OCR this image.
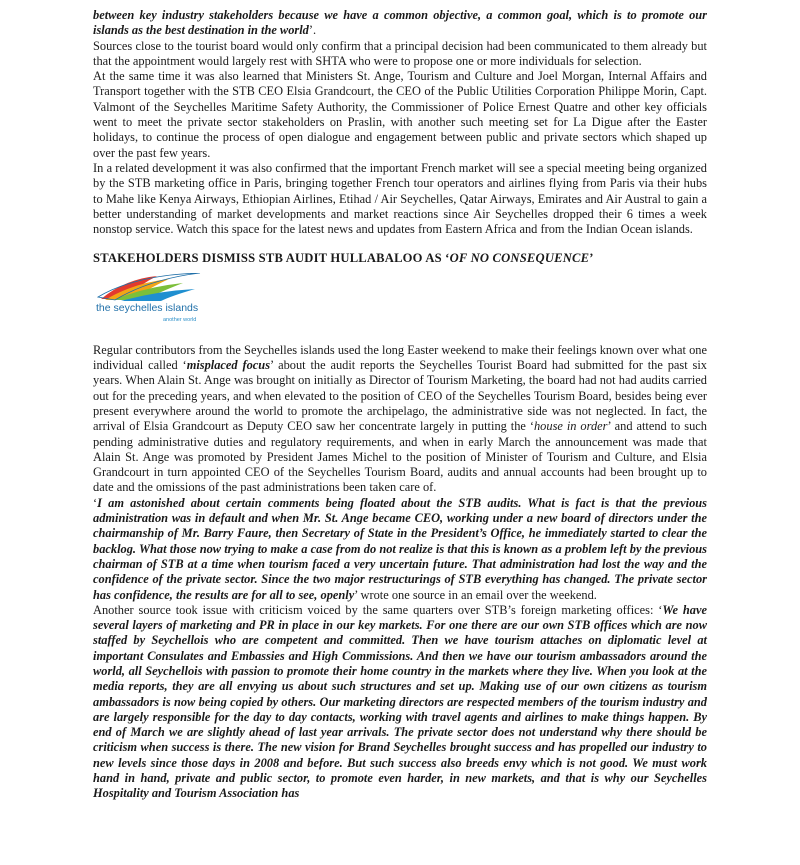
between key industry stakeholders because we have a common objective, a common goal, which is to promote our islands as the best destination in the world’.

Sources close to the tourist board would only confirm that a principal decision had been communicated to them already but that the appointment would largely rest with SHTA who were to propose one or more individuals for selection.

At the same time it was also learned that Ministers St. Ange, Tourism and Culture and Joel Morgan, Internal Affairs and Transport together with the STB CEO Elsia Grandcourt, the CEO of the Public Utilities Corporation Philippe Morin, Capt. Valmont of the Seychelles Maritime Safety Authority, the Commissioner of Police Ernest Quatre and other key officials went to meet the private sector stakeholders on Praslin, with another such meeting set for La Digue after the Easter holidays, to continue the process of open dialogue and engagement between public and private sectors which shaped up over the past few years.

In a related development it was also confirmed that the important French market will see a special meeting being organized by the STB marketing office in Paris, bringing together French tour operators and airlines flying from Paris via their hubs to Mahe like Kenya Airways, Ethiopian Airlines, Etihad / Air Seychelles, Qatar Airways, Emirates and Air Austral to gain a better understanding of market developments and market reactions since Air Seychelles dropped their 6 times a week nonstop service. Watch this space for the latest news and updates from Eastern Africa and from the Indian Ocean islands.

STAKEHOLDERS DISMISS STB AUDIT HULLABALOO AS ‘OF NO CONSEQUENCE’

the seychelles islands
another world

Regular contributors from the Seychelles islands used the long Easter weekend to make their feelings known over what one individual called ‘misplaced focus’ about the audit reports the Seychelles Tourist Board had submitted for the past six years. When Alain St. Ange was brought on initially as Director of Tourism Marketing, the board had not had audits carried out for the preceding years, and when elevated to the position of CEO of the Seychelles Tourism Board, besides being ever present everywhere around the world to promote the archipelago, the administrative side was not neglected. In fact, the arrival of Elsia Grandcourt as Deputy CEO saw her concentrate largely in putting the ‘house in order’ and attend to such pending administrative duties and regulatory requirements, and when in early March the announcement was made that Alain St. Ange was promoted by President James Michel to the position of Minister of Tourism and Culture, and Elsia Grandcourt in turn appointed CEO of the Seychelles Tourism Board, audits and annual accounts had been brought up to date and the omissions of the past administrations been taken care of.

‘I am astonished about certain comments being floated about the STB audits. What is fact is that the previous administration was in default and when Mr. St. Ange became CEO, working under a new board of directors under the chairmanship of Mr. Barry Faure, then Secretary of State in the President’s Office, he immediately started to clear the backlog. What those now trying to make a case from do not realize is that this is known as a problem left by the previous chairman of STB at a time when tourism faced a very uncertain future. That administration had lost the way and the confidence of the private sector. Since the two major restructurings of STB everything has changed. The private sector has confidence, the results are for all to see, openly’ wrote one source in an email over the weekend.

Another source took issue with criticism voiced by the same quarters over STB’s foreign marketing offices: ‘We have several layers of marketing and PR in place in our key markets. For one there are our own STB offices which are now staffed by Seychellois who are competent and committed. Then we have tourism attaches on diplomatic level at important Consulates and Embassies and High Commissions. And then we have our tourism ambassadors around the world, all Seychellois with passion to promote their home country in the markets where they live. When you look at the media reports, they are all envying us about such structures and set up. Making use of our own citizens as tourism ambassadors is now being copied by others. Our marketing directors are respected members of the tourism industry and are largely responsible for the day to day contacts, working with travel agents and airlines to make things happen. By end of March we are slightly ahead of last year arrivals. The private sector does not understand why there should be criticism when success is there. The new vision for Brand Seychelles brought success and has propelled our industry to new levels since those days in 2008 and before. But such success also breeds envy which is not good. We must work hand in hand, private and public sector, to promote even harder, in new markets, and that is why our Seychelles Hospitality and Tourism Association has
